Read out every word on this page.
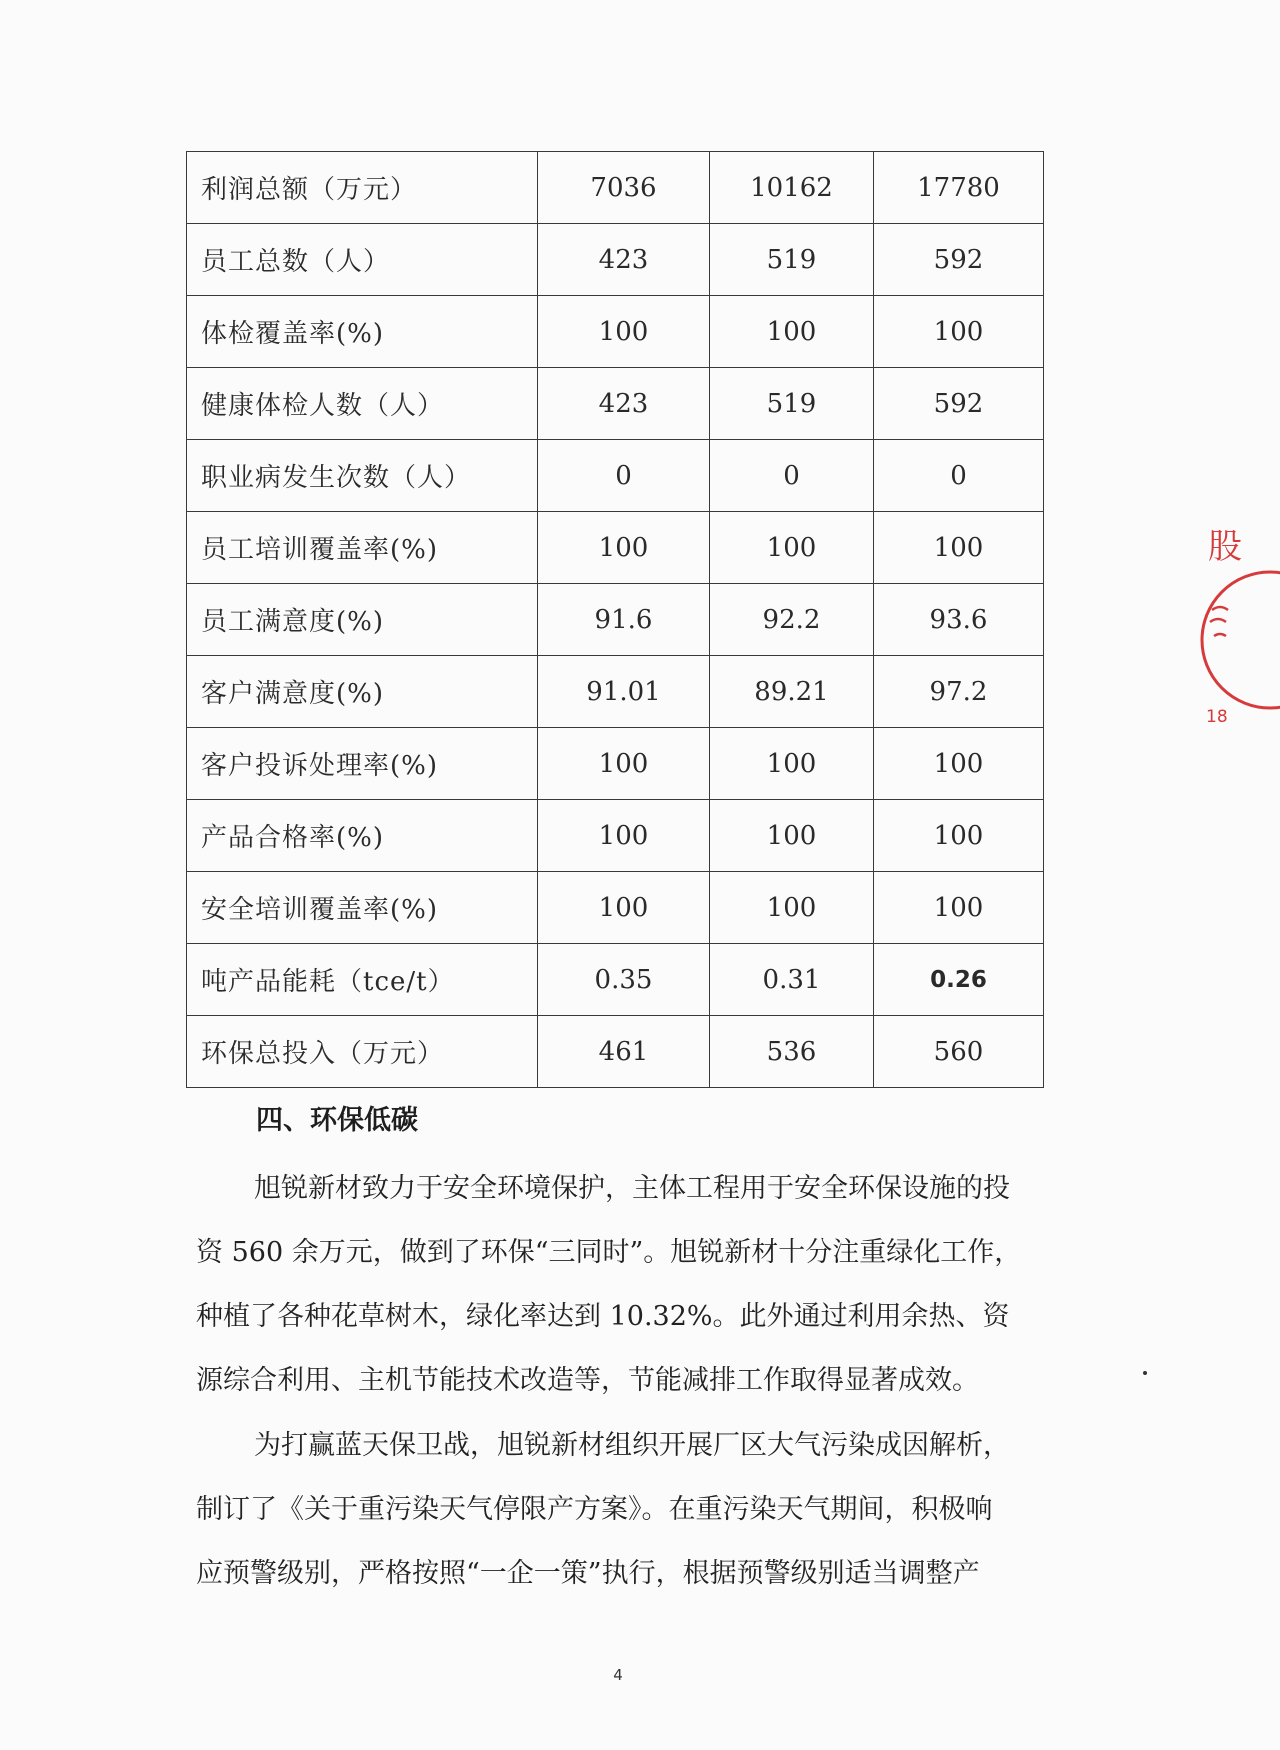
利润总额（万元）	7036	10162	17780
员工总数（人）	423	519	592
体检覆盖率(%)	100	100	100
健康体检人数（人）	423	519	592
职业病发生次数（人）	0	0	0
员工培训覆盖率(%)	100	100	100
员工满意度(%)	91.6	92.2	93.6
客户满意度(%)	91.01	89.21	97.2
客户投诉处理率(%)	100	100	100
产品合格率(%)	100	100	100
安全培训覆盖率(%)	100	100	100
吨产品能耗（tce/t）	0.35	0.31	0.26
环保总投入（万元）	461	536	560
四、环保低碳

旭锐新材致力于安全环境保护，主体工程用于安全环保设施的投
资 560 余万元，做到了环保“三同时”。旭锐新材十分注重绿化工作，
种植了各种花草树木，绿化率达到 10.32%。此外通过利用余热、资
源综合利用、主机节能技术改造等，节能减排工作取得显著成效。

为打赢蓝天保卫战，旭锐新材组织开展厂区大气污染成因解析，
制订了《关于重污染天气停限产方案》。在重污染天气期间，积极响
应预警级别，严格按照“一企一策”执行，根据预警级别适当调整产

4
股
18
